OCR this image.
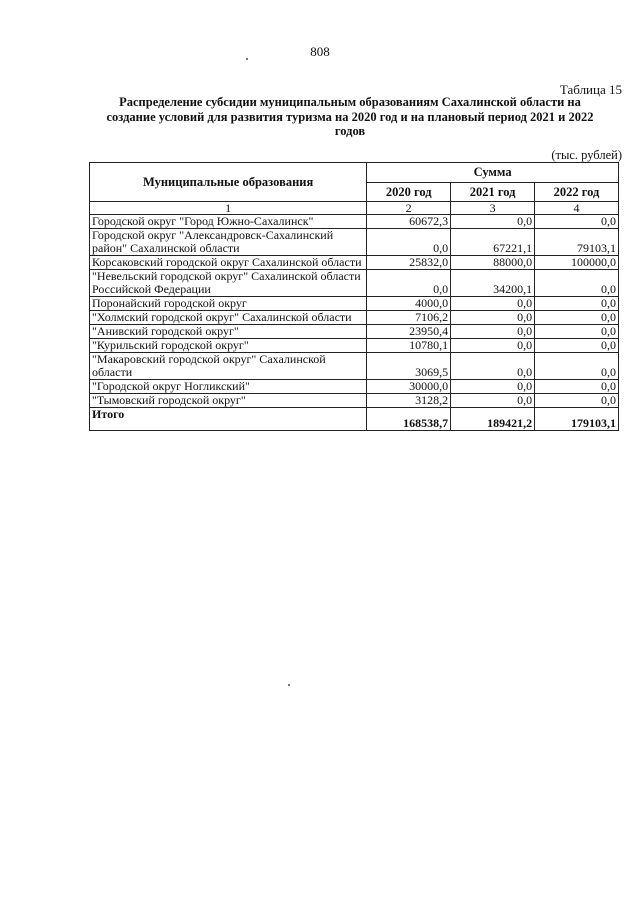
808
Таблица 15
Распределение субсидии муниципальным образованиям Сахалинской области на создание условий для развития туризма на 2020 год и на плановый период 2021 и 2022 годов
(тыс. рублей)
Муниципальные образования	Сумма		
	2020 год	2021 год	2022 год
1	2	3	4
Городской округ "Город Южно-Сахалинск"	60672,3	0,0	0,0
Городской округ "Александровск-Сахалинский район" Сахалинской области	0,0	67221,1	79103,1
Корсаковский городской округ Сахалинской области	25832,0	88000,0	100000,0
"Невельский городской округ" Сахалинской области Российской Федерации	0,0	34200,1	0,0
Поронайский городской округ	4000,0	0,0	0,0
"Холмский городской округ" Сахалинской области	7106,2	0,0	0,0
"Анивский городской округ"	23950,4	0,0	0,0
"Курильский городской округ"	10780,1	0,0	0,0
"Макаровский городской округ" Сахалинской области	3069,5	0,0	0,0
"Городской округ Ногликский"	30000,0	0,0	0,0
"Тымовский городской округ"	3128,2	0,0	0,0
Итого	168538,7	189421,2	179103,1
